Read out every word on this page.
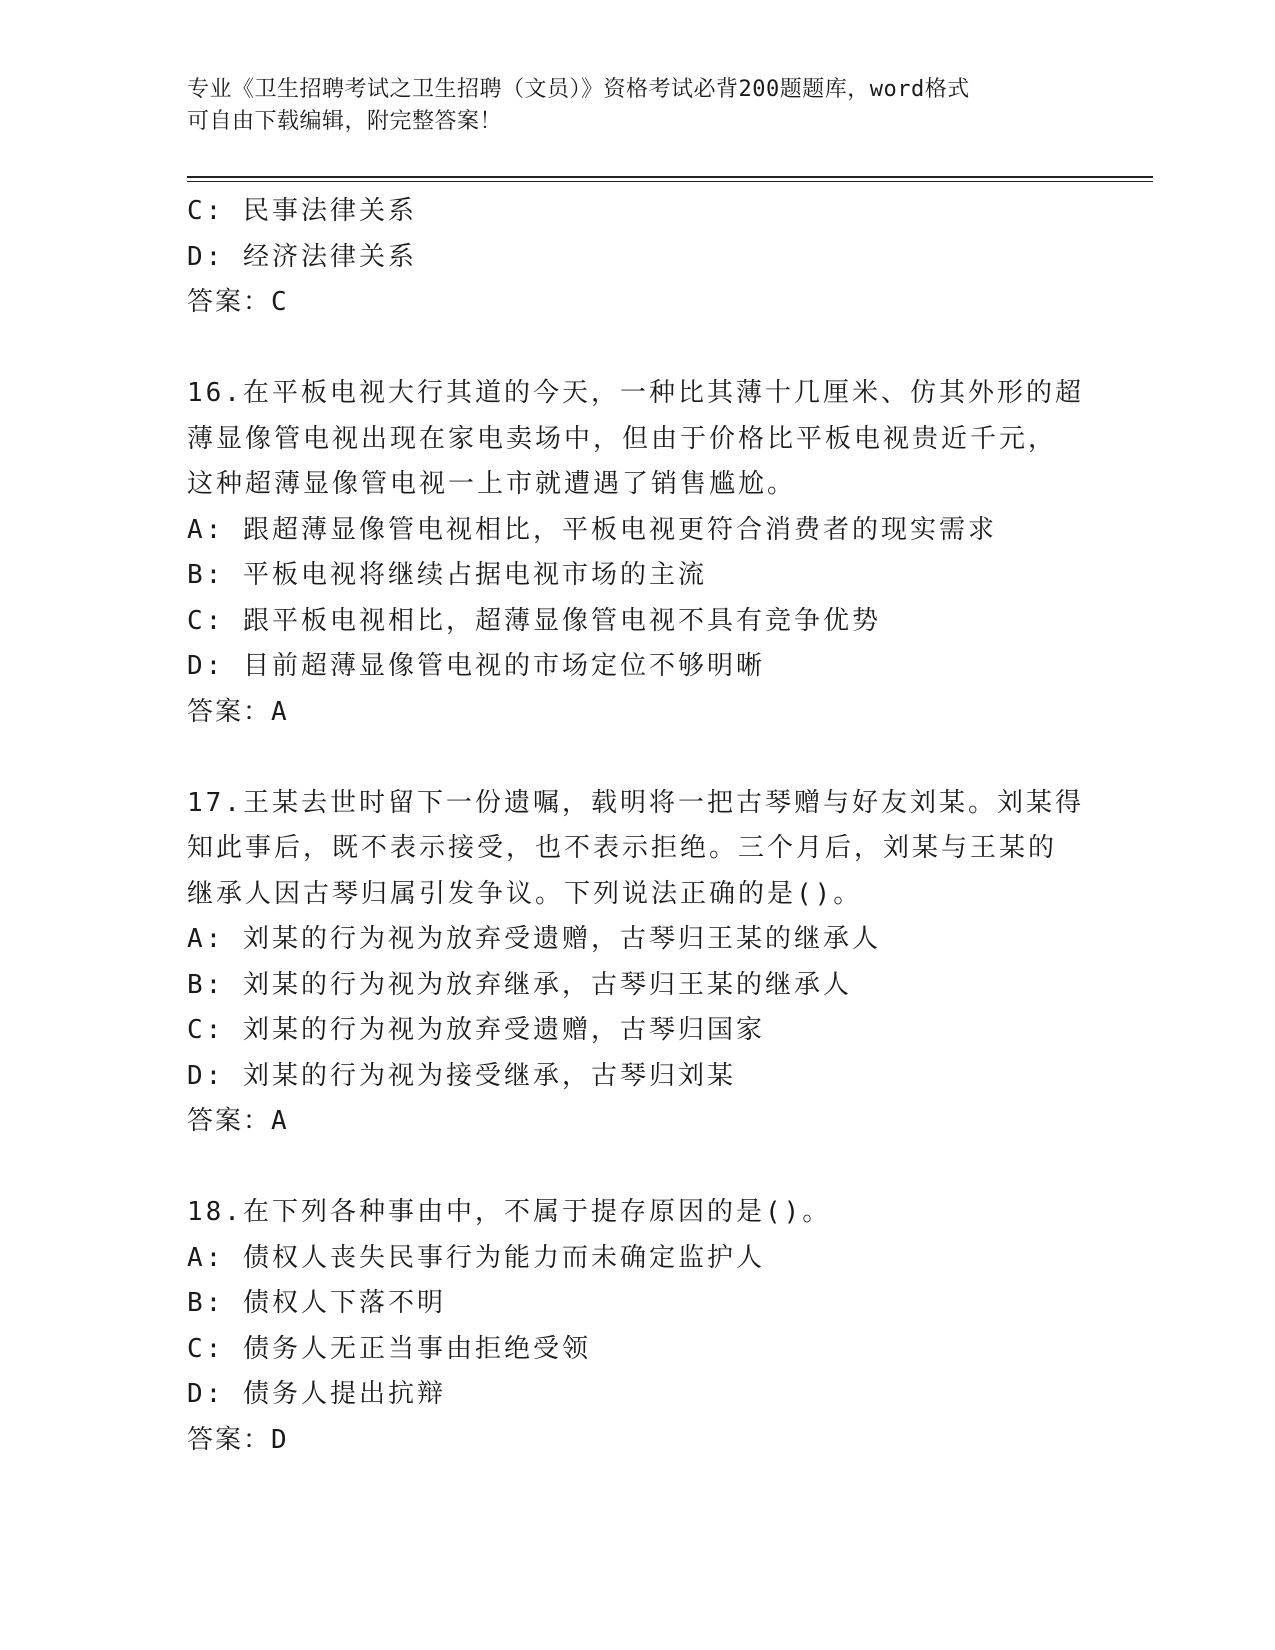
专业《卫生招聘考试之卫生招聘（文员）》资格考试必背200题题库，word格式
可自由下载编辑，附完整答案！
C: 民事法律关系
D: 经济法律关系
答案：C
16.在平板电视大行其道的今天，一种比其薄十几厘米、仿其外形的超
薄显像管电视出现在家电卖场中，但由于价格比平板电视贵近千元，
这种超薄显像管电视一上市就遭遇了销售尴尬。
A: 跟超薄显像管电视相比，平板电视更符合消费者的现实需求
B: 平板电视将继续占据电视市场的主流
C: 跟平板电视相比，超薄显像管电视不具有竞争优势
D: 目前超薄显像管电视的市场定位不够明晰
答案：A
17.王某去世时留下一份遗嘱，载明将一把古琴赠与好友刘某。刘某得
知此事后，既不表示接受，也不表示拒绝。三个月后，刘某与王某的
继承人因古琴归属引发争议。下列说法正确的是()。
A: 刘某的行为视为放弃受遗赠，古琴归王某的继承人
B: 刘某的行为视为放弃继承，古琴归王某的继承人
C: 刘某的行为视为放弃受遗赠，古琴归国家
D: 刘某的行为视为接受继承，古琴归刘某
答案：A
18.在下列各种事由中，不属于提存原因的是()。
A: 债权人丧失民事行为能力而未确定监护人
B: 债权人下落不明
C: 债务人无正当事由拒绝受领
D: 债务人提出抗辩
答案：D
